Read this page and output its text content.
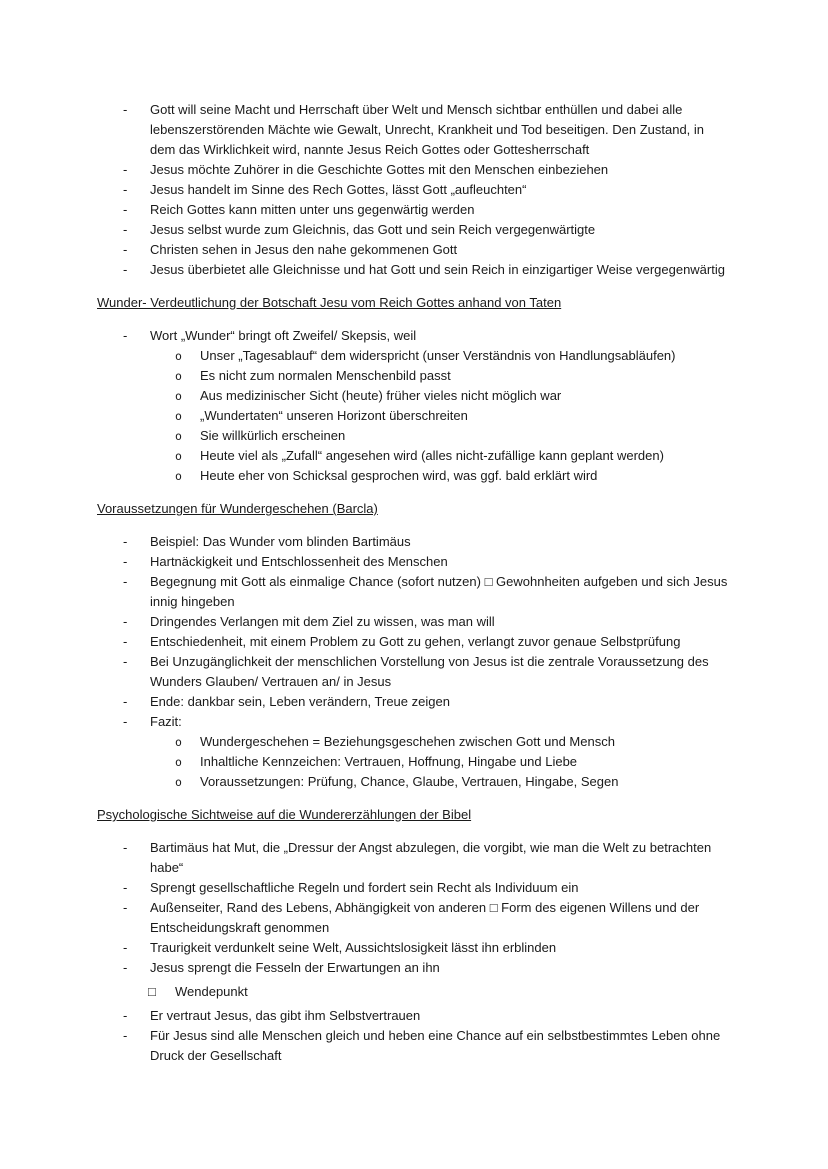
-	Gott will seine Macht und Herrschaft über Welt und Mensch sichtbar enthüllen und dabei alle lebenszerstörenden Mächte wie Gewalt, Unrecht, Krankheit und Tod beseitigen. Den Zustand, in dem das Wirklichkeit wird, nannte Jesus Reich Gottes oder Gottesherrschaft
-	Jesus möchte Zuhörer in die Geschichte Gottes mit den Menschen einbeziehen
-	Jesus handelt im Sinne des Rech Gottes, lässt Gott „aufleuchten“
-	Reich Gottes kann mitten unter uns gegenwärtig werden
-	Jesus selbst wurde zum Gleichnis, das Gott und sein Reich vergegenwärtigte
-	Christen sehen in Jesus den nahe gekommenen Gott
-	Jesus überbietet alle Gleichnisse und hat Gott und sein Reich in einzigartiger Weise vergegenwärtig
Wunder- Verdeutlichung der Botschaft Jesu vom Reich Gottes anhand von Taten
-	Wort „Wunder“ bringt oft Zweifel/ Skepsis, weil
o	Unser „Tagesablauf“ dem widerspricht (unser Verständnis von Handlungsabläufen)
o	Es nicht zum normalen Menschenbild passt
o	Aus medizinischer Sicht (heute) früher vieles nicht möglich war
o	„Wundertaten“ unseren Horizont überschreiten
o	Sie willkürlich erscheinen
o	Heute viel als „Zufall“ angesehen wird (alles nicht-zufällige kann geplant werden)
o	Heute eher von Schicksal gesprochen wird, was ggf. bald erklärt wird
Voraussetzungen für Wundergeschehen (Barcla)
-	Beispiel: Das Wunder vom blinden Bartimäus
-	Hartnäckigkeit und Entschlossenheit des Menschen
-	Begegnung mit Gott als einmalige Chance (sofort nutzen) □ Gewohnheiten aufgeben und sich Jesus innig hingeben
-	Dringendes Verlangen mit dem Ziel zu wissen, was man will
-	Entschiedenheit, mit einem Problem zu Gott zu gehen, verlangt zuvor genaue Selbstprüfung
-	Bei Unzugänglichkeit der menschlichen Vorstellung von Jesus ist die zentrale Voraussetzung des Wunders Glauben/ Vertrauen an/ in Jesus
-	Ende: dankbar sein, Leben verändern, Treue zeigen
-	Fazit:
o	Wundergeschehen = Beziehungsgeschehen zwischen Gott und Mensch
o	Inhaltliche Kennzeichen: Vertrauen, Hoffnung, Hingabe und Liebe
o	Voraussetzungen: Prüfung, Chance, Glaube, Vertrauen, Hingabe, Segen
Psychologische Sichtweise auf die Wundererzählungen der Bibel
-	Bartimäus hat Mut, die „Dressur der Angst abzulegen, die vorgibt, wie man die Welt zu betrachten habe“
-	Sprengt gesellschaftliche Regeln und fordert sein Recht als Individuum ein
-	Außenseiter, Rand des Lebens, Abhängigkeit von anderen □ Form des eigenen Willens und der Entscheidungskraft genommen
-	Traurigkeit verdunkelt seine Welt, Aussichtslosigkeit lässt ihn erblinden
-	Jesus sprengt die Fesseln der Erwartungen an ihn
□	Wendepunkt
-	Er vertraut Jesus, das gibt ihm Selbstvertrauen
-	Für Jesus sind alle Menschen gleich und heben eine Chance auf ein selbstbestimmtes Leben ohne Druck der Gesellschaft
